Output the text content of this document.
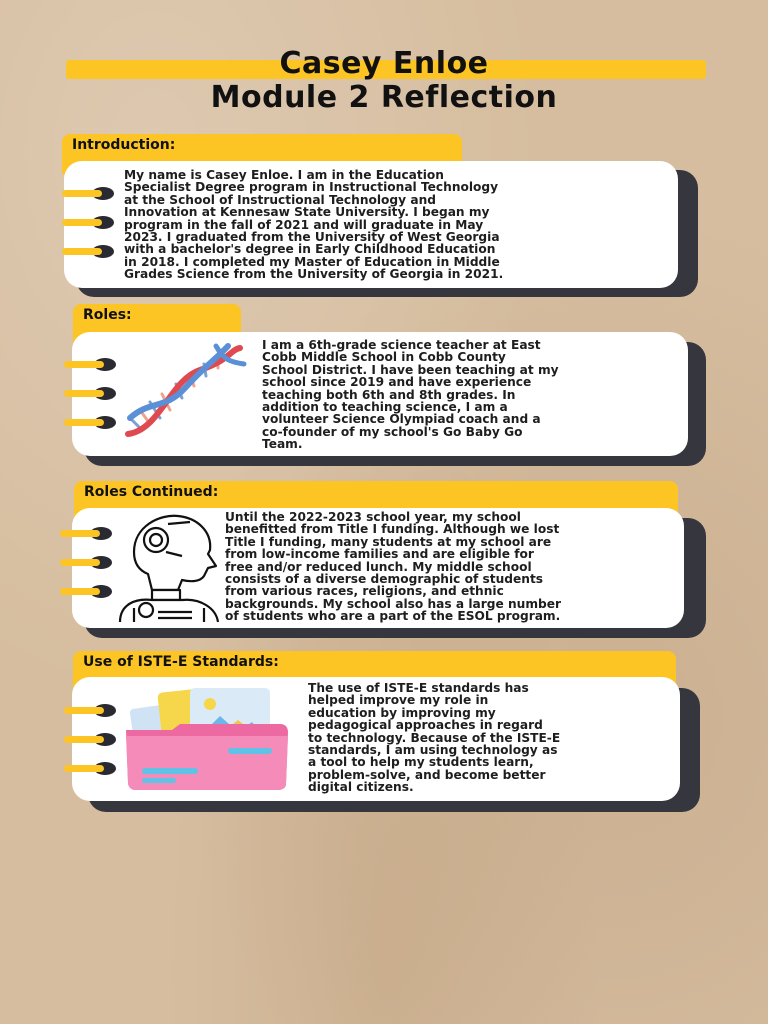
Casey Enloe
Module 2 Reflection
Introduction:
My name is Casey Enloe. I am in the Education
Specialist Degree program in Instructional Technology
at the School of Instructional Technology and
Innovation at Kennesaw State University. I began my
program in the fall of 2021 and will graduate in May
2023. I graduated from the University of West Georgia
with a bachelor's degree in Early Childhood Education
in 2018. I completed my Master of Education in Middle
Grades Science from the University of Georgia in 2021.
Roles:
I am a 6th-grade science teacher at East
Cobb Middle School in Cobb County
School District. I have been teaching at my
school since 2019 and have experience
teaching both 6th and 8th grades. In
addition to teaching science, I am a
volunteer Science Olympiad coach and a
co-founder of my school's Go Baby Go
Team.
Roles Continued:
Until the 2022-2023 school year, my school
benefitted from Title I funding. Although we lost
Title I funding, many students at my school are
from low-income families and are eligible for
free and/or reduced lunch. My middle school
consists of a diverse demographic of students
from various races, religions, and ethnic
backgrounds. My school also has a large number
of students who are a part of the ESOL program.
Use of ISTE-E Standards:
The use of ISTE-E standards has
helped improve my role in
education by improving my
pedagogical approaches in regard
to technology. Because of the ISTE-E
standards, I am using technology as
a tool to help my students learn,
problem-solve, and become better
digital citizens.
